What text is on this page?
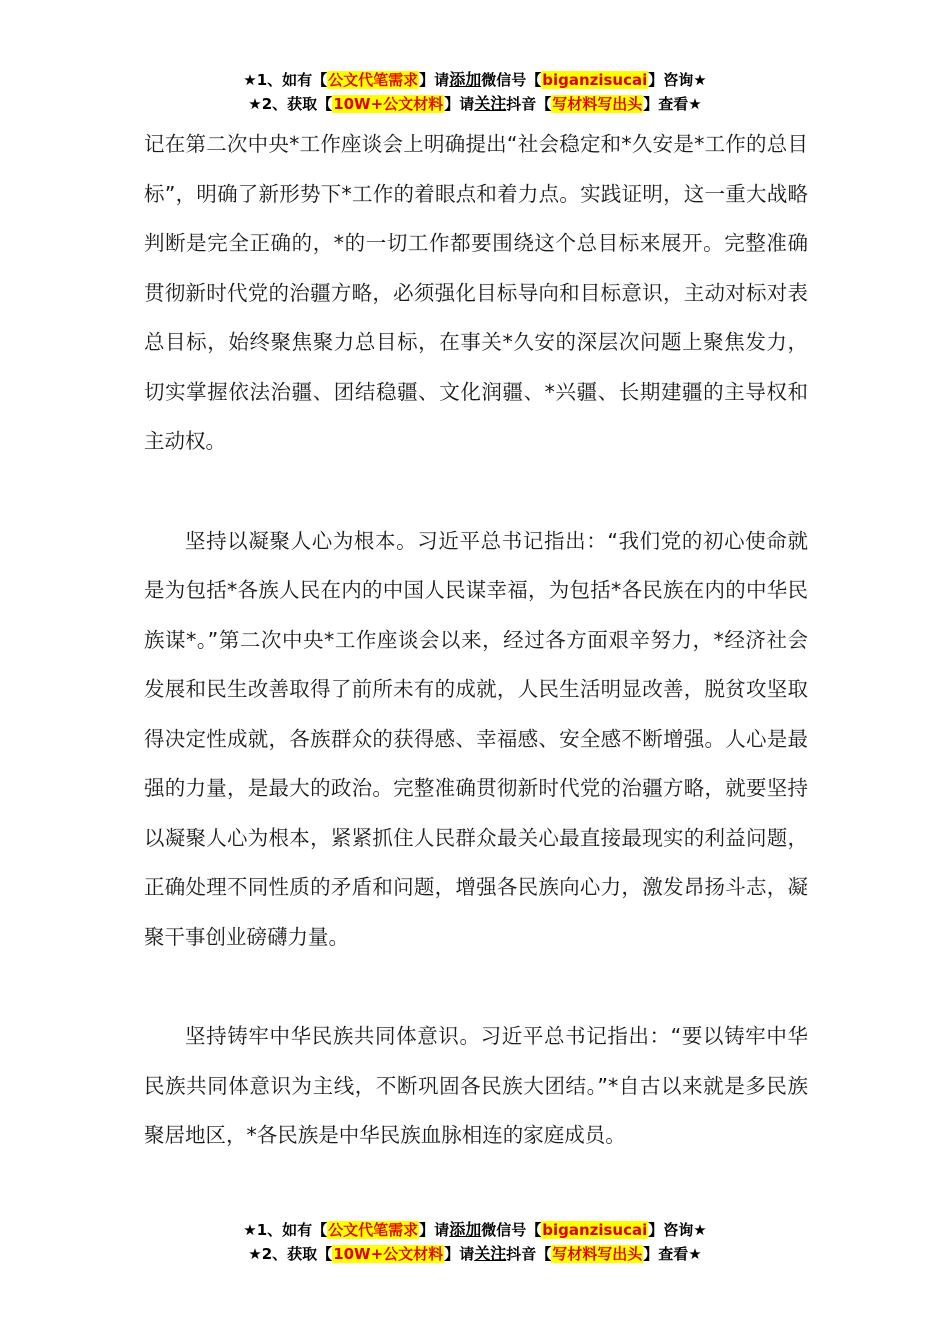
★1、如有【公文代笔需求】请添加微信号【biganzisucai】咨询★
★2、获取【10W+公文材料】请关注抖音【写材料写出头】查看★

记在第二次中央*工作座谈会上明确提出“社会稳定和*久安是*工作的总目标”，明确了新形势下*工作的着眼点和着力点。实践证明，这一重大战略判断是完全正确的，*的一切工作都要围绕这个总目标来展开。完整准确贯彻新时代党的治疆方略，必须强化目标导向和目标意识，主动对标对表总目标，始终聚焦聚力总目标，在事关*久安的深层次问题上聚焦发力，切实掌握依法治疆、团结稳疆、文化润疆、*兴疆、长期建疆的主导权和主动权。

坚持以凝聚人心为根本。习近平总书记指出：“我们党的初心使命就是为包括*各族人民在内的中国人民谋幸福，为包括*各民族在内的中华民族谋*。”第二次中央*工作座谈会以来，经过各方面艰辛努力，*经济社会发展和民生改善取得了前所未有的成就，人民生活明显改善，脱贫攻坚取得决定性成就，各族群众的获得感、幸福感、安全感不断增强。人心是最强的力量，是最大的政治。完整准确贯彻新时代党的治疆方略，就要坚持以凝聚人心为根本，紧紧抓住人民群众最关心最直接最现实的利益问题，正确处理不同性质的矛盾和问题，增强各民族向心力，激发昂扬斗志，凝聚干事创业磅礴力量。

坚持铸牢中华民族共同体意识。习近平总书记指出：“要以铸牢中华民族共同体意识为主线，不断巩固各民族大团结。”*自古以来就是多民族聚居地区，*各民族是中华民族血脉相连的家庭成员。

★1、如有【公文代笔需求】请添加微信号【biganzisucai】咨询★
★2、获取【10W+公文材料】请关注抖音【写材料写出头】查看★
